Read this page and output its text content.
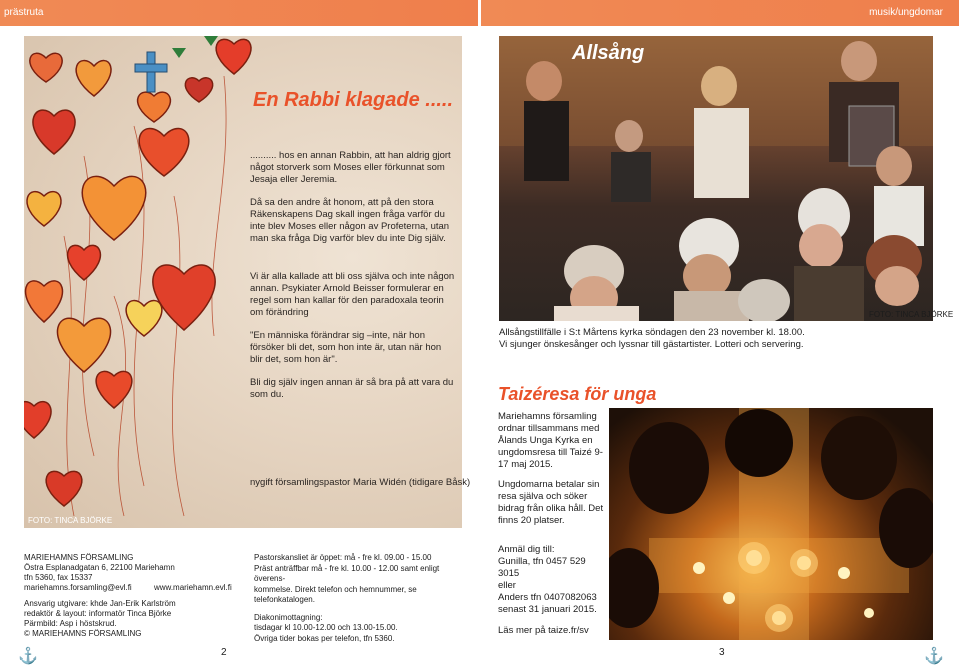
prästruta	musik/ungdomar
En Rabbi klagade .....

.......... hos en annan Rabbin, att han aldrig gjort något storverk som Moses eller förkunnat som Jesaja eller Jeremia.

Då sa den andre åt honom, att på den stora Räkenskapens Dag skall ingen fråga varför du inte blev Moses eller någon av Profeterna, utan man ska fråga Dig varför blev du inte Dig själv.

Vi är alla kallade att bli oss själva och inte någon annan. Psykiater Arnold Beisser formulerar en regel som han kallar för den paradoxala teorin om förändring

"En människa förändrar sig –inte, när hon försöker bli det, som hon inte är, utan när hon blir det, som hon är".

Bli dig själv ingen annan är så bra på att vara du som du.

nygift församlingspastor Maria Widén (tidigare Båsk)
FOTO: TINCA BJÖRKE
MARIEHAMNS FÖRSAMLING
Östra Esplanadgatan 6, 22100 Mariehamn
tfn 5360, fax 15337
mariehamns.forsamling@evl.fi          www.mariehamn.evl.fi
Ansvarig utgivare: khde Jan-Erik Karlström
redaktör & layout: informatör Tinca Björke
Pärmbild: Asp i höstskrud.
© MARIEHAMNS FÖRSAMLING
Pastorskansliet är öppet: må - fre kl. 09.00 - 15.00
Präst anträffbar må - fre kl. 10.00 - 12.00 samt enligt överens-
kommelse. Direkt telefon och hemnummer, se telefonkatalogen.
Diakonimottagning:
tisdagar kl 10.00-12.00 och 13.00-15.00.
Övriga tider bokas per telefon, tfn 5360.
⚓	2
Allsång
FOTO: TINCA BJÖRKE
Allsångstillfälle i S:t Mårtens kyrka söndagen den 23 november kl. 18.00.
Vi sjunger önskesånger och lyssnar till gästartister. Lotteri och servering.
Taizéresa för unga

Mariehamns församling ordnar tillsammans med Ålands Unga Kyrka en ungdomsresa till Taizé 9-17 maj 2015.

Ungdomarna betalar sin resa själva och söker bidrag från olika håll. Det finns 20 platser.

Anmäl dig till:
Gunilla, tfn 0457 529 3015
eller
Anders tfn 0407082063
senast 31 januari 2015.
Läs mer på taize.fr/sv
3	⚓
